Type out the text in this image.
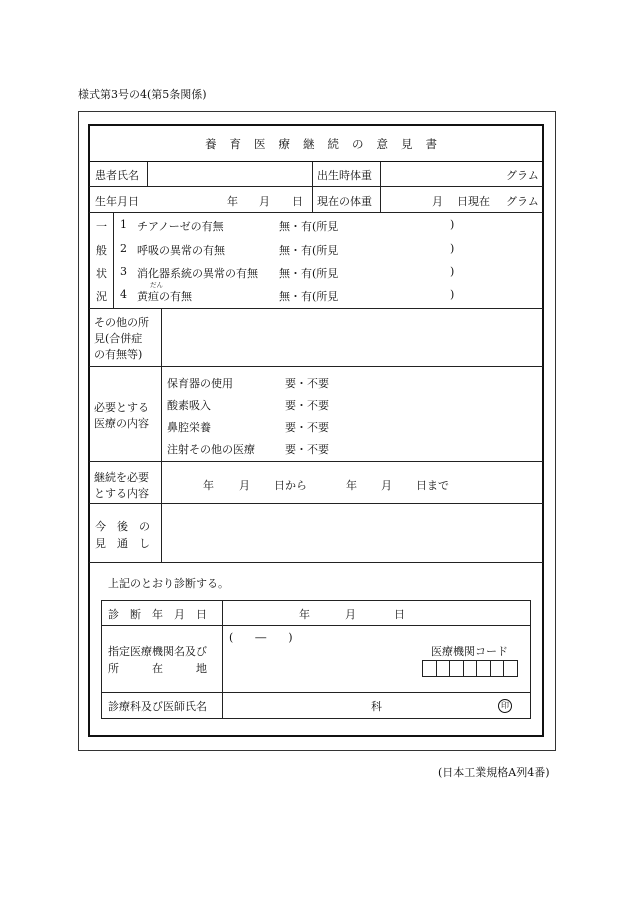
様式第3号の4(第5条関係)
養育医療継続の意見書
患者氏名	出生時体重	グラム
生年月日	年 月 日 現在の体重	月 日現在 グラム
一
般
状
況
1 チアノーゼの有無	無・有(所見	)
2 呼吸の異常の有無	無・有(所見	)
3 消化器系統の異常の有無 無・有(所見	)
だん
4 黄疸の有無	無・有(所見	)
その他の所
見(合併症
の有無等)
必要とする
医療の内容
保育器の使用	要・不要
酸素吸入	要・不要
鼻腔栄養	要・不要
注射その他の医療	要・不要
継続を必要
とする内容
年 月 日から	年 月 日まで
今　後　の
見　通　し
上記のとおり診断する。
診　断　年　月　日	年	月	日
指定医療機関名及び
所　　　在　　　地
(　　―　　)
医療機関コード
診療科及び医師氏名	科	印
(日本工業規格A列4番)
